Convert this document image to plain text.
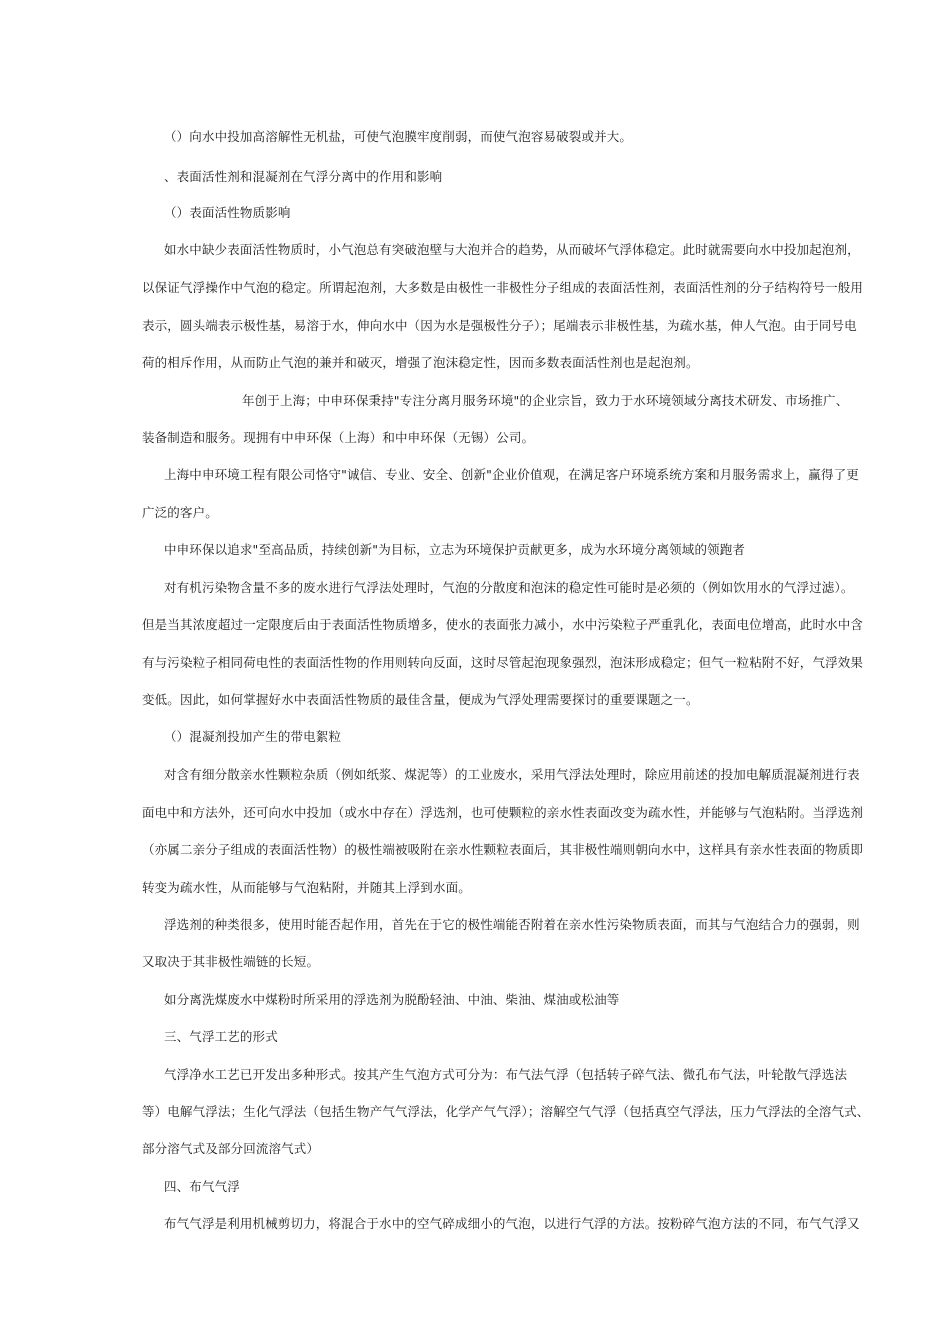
（）向水中投加高溶解性无机盐，可使气泡膜牢度削弱，而使气泡容易破裂或并大。
、表面活性剂和混凝剂在气浮分离中的作用和影响
（）表面活性物质影响
如水中缺少表面活性物质时，小气泡总有突破泡壁与大泡并合的趋势，从而破坏气浮体稳定。此时就需要向水中投加起泡剂，
以保证气浮操作中气泡的稳定。所谓起泡剂，大多数是由极性一非极性分子组成的表面活性剂，表面活性剂的分子结构符号一般用
表示，圆头端表示极性基，易溶于水，伸向水中（因为水是强极性分子）；尾端表示非极性基，为疏水基，伸人气泡。由于同号电
荷的相斥作用，从而防止气泡的兼并和破灭，增强了泡沫稳定性，因而多数表面活性剂也是起泡剂。
年创于上海；中申环保秉持"专注分离月服务环境"的企业宗旨，致力于水环境领域分离技术研发、市场推广、
装备制造和服务。现拥有中申环保（上海）和中申环保（无锡）公司。
上海中申环境工程有限公司恪守"诚信、专业、安全、创新"企业价值观，在满足客户环境系统方案和月服务需求上，赢得了更
广泛的客户。
中申环保以追求"至高品质，持续创新"为目标，立志为环境保护贡献更多，成为水环境分离领域的领跑者
对有机污染物含量不多的废水进行气浮法处理时，气泡的分散度和泡沫的稳定性可能时是必须的（例如饮用水的气浮过滤）。
但是当其浓度超过一定限度后由于表面活性物质增多，使水的表面张力减小，水中污染粒子严重乳化，表面电位增高，此时水中含
有与污染粒子相同荷电性的表面活性物的作用则转向反面，这时尽管起泡现象强烈，泡沫形成稳定；但气一粒粘附不好，气浮效果
变低。因此，如何掌握好水中表面活性物质的最佳含量，便成为气浮处理需要探讨的重要课题之一。
（）混凝剂投加产生的带电絮粒
对含有细分散亲水性颗粒杂质（例如纸浆、煤泥等）的工业废水，采用气浮法处理时，除应用前述的投加电解质混凝剂进行表
面电中和方法外，还可向水中投加（或水中存在）浮选剂，也可使颗粒的亲水性表面改变为疏水性，并能够与气泡粘附。当浮选剂
（亦属二亲分子组成的表面活性物）的极性端被吸附在亲水性颗粒表面后，其非极性端则朝向水中，这样具有亲水性表面的物质即
转变为疏水性，从而能够与气泡粘附，并随其上浮到水面。
浮选剂的种类很多，使用时能否起作用，首先在于它的极性端能否附着在亲水性污染物质表面，而其与气泡结合力的强弱，则
又取决于其非极性端链的长短。
如分离洗煤废水中煤粉时所采用的浮选剂为脱酚轻油、中油、柴油、煤油或松油等
三、气浮工艺的形式
气浮净水工艺已开发出多种形式。按其产生气泡方式可分为：布气法气浮（包括转子碎气法、微孔布气法，叶轮散气浮选法
等）电解气浮法；生化气浮法（包括生物产气气浮法，化学产气气浮）；溶解空气气浮（包括真空气浮法，压力气浮法的全溶气式、
部分溶气式及部分回流溶气式）
四、布气气浮
布气气浮是利用机械剪切力，将混合于水中的空气碎成细小的气泡，以进行气浮的方法。按粉碎气泡方法的不同，布气气浮又
